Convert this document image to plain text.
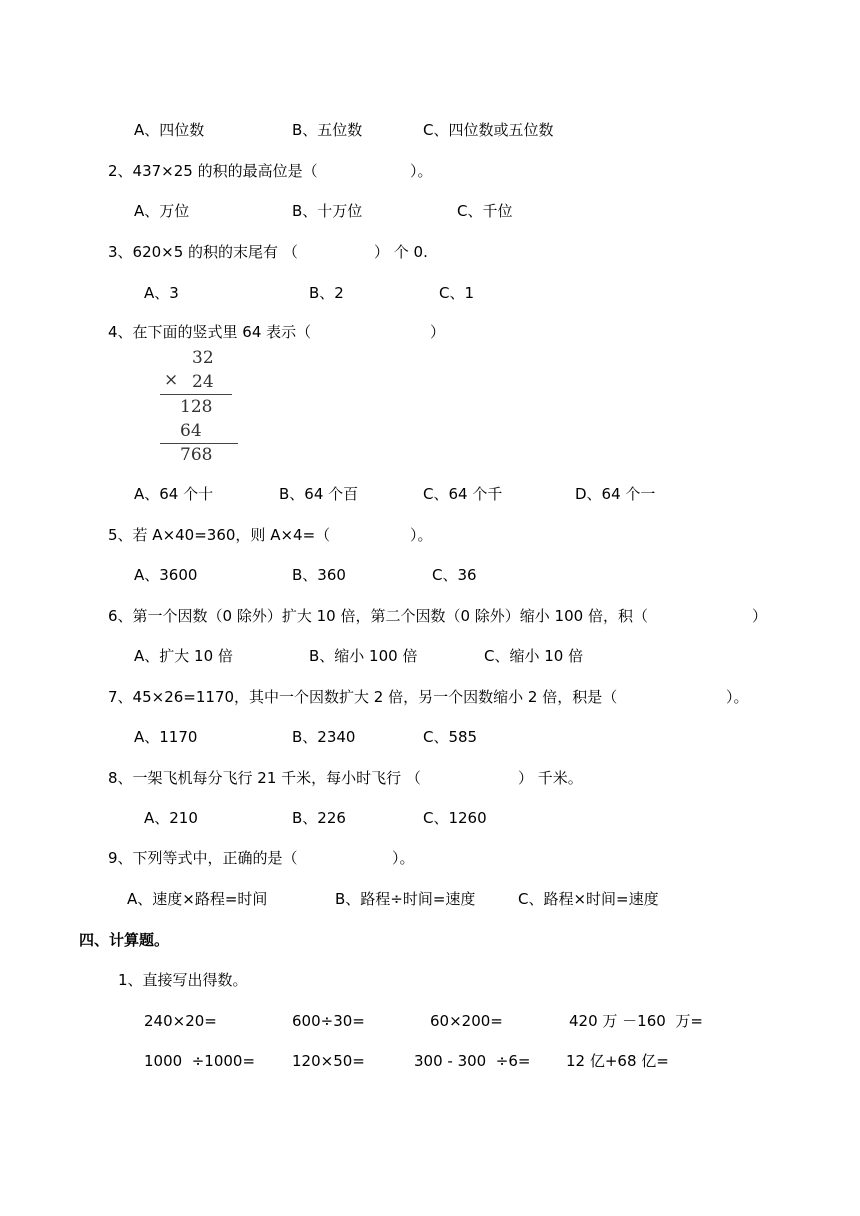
A、四位数	B、五位数	C、四位数或五位数
2、437×25 的积的最高位是（	）。
A、万位	B、十万位	C、千位
3、620×5 的积的末尾有 （	） 个 0.
A、3	B、2	C、1
4、在下面的竖式里 64 表示（	）
32
× 24
128
64
768
A、64 个十	B、64 个百	C、64 个千	D、64 个一
5、若 A×40=360，则 A×4=（	）。
A、3600	B、360	C、36
6、第一个因数（0 除外）扩大 10 倍，第二个因数（0 除外）缩小 100 倍，积（	）
A、扩大 10 倍	B、缩小 100 倍	C、缩小 10 倍
7、45×26=1170，其中一个因数扩大 2 倍，另一个因数缩小 2 倍，积是（	）。
A、1170	B、2340	C、585
8、一架飞机每分飞行 21 千米，每小时飞行 （	） 千米。
A、210	B、226	C、1260
9、下列等式中，正确的是（	）。
A、速度×路程=时间	B、路程÷时间=速度	C、路程×时间=速度
四、计算题。
1、直接写出得数。
240×20=	600÷30=	60×200=	420 万 －160  万=
1000  ÷1000= 120×50=	300 - 300  ÷6= 12 亿+68 亿=
